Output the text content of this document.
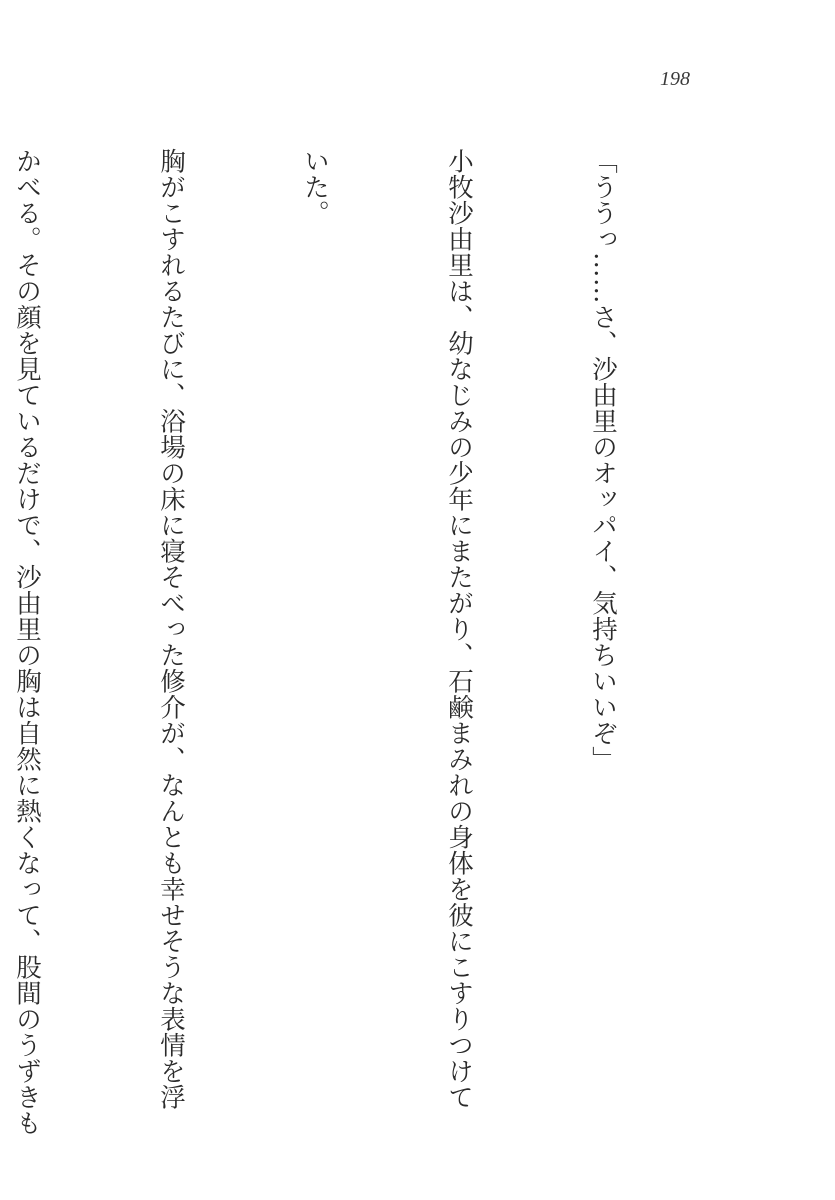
198

「ううっ……さ、沙由里のオッパイ、気持ちいいぞ」

小牧沙由里は、幼なじみの少年にまたがり、石鹸まみれの身体を彼にこすりつけて

いた。

胸がこすれるたびに、浴場の床に寝そべった修介が、なんとも幸せそうな表情を浮

かべる。その顔を見ているだけで、沙由里の胸は自然に熱くなって、股間のうずきも
